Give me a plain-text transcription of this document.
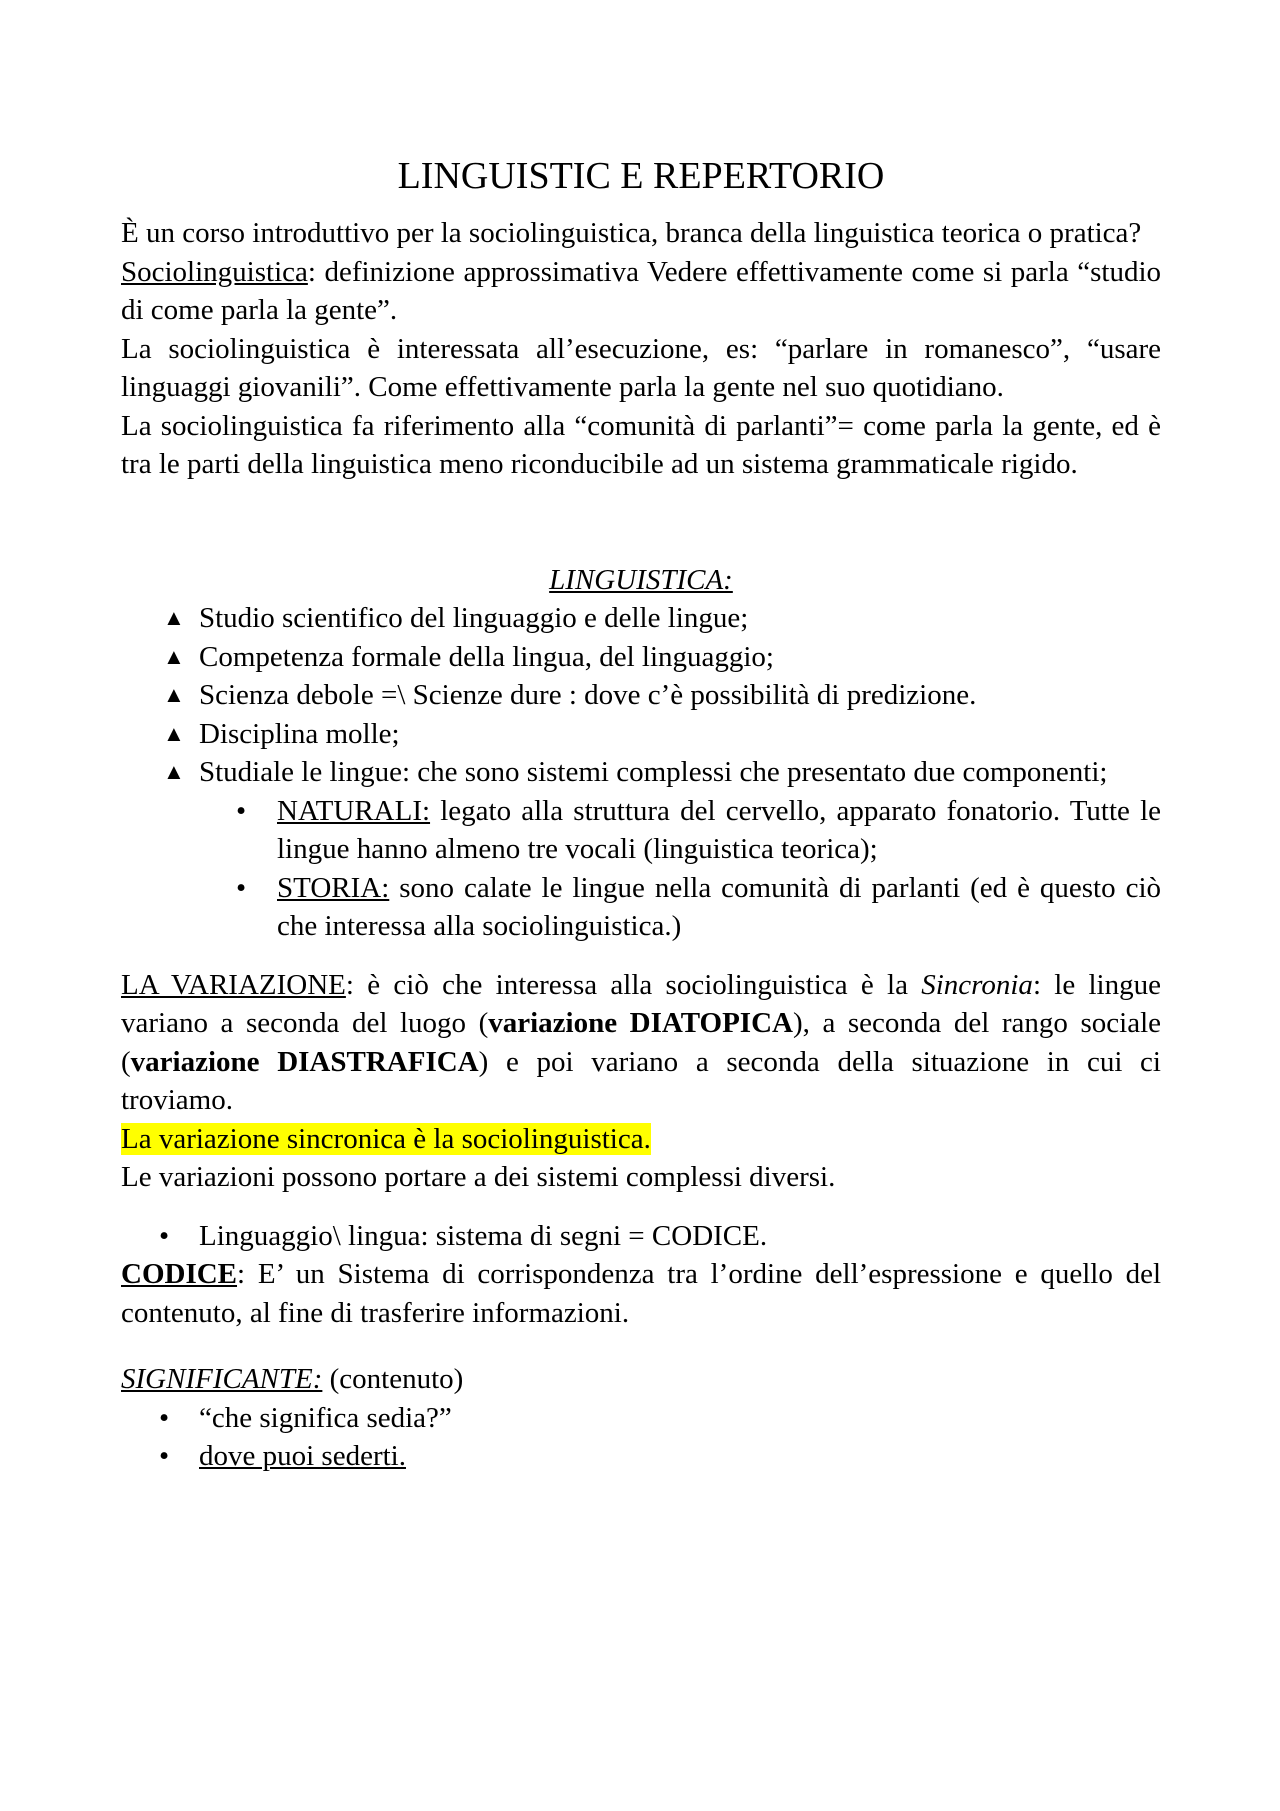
LINGUISTIC E REPERTORIO

È un corso introduttivo per la sociolinguistica, branca della linguistica teorica o pratica?

Sociolinguistica: definizione approssimativa Vedere effettivamente come si parla “studio di come parla la gente”.

La sociolinguistica è interessata all’esecuzione, es: “parlare in romanesco”, “usare linguaggi giovanili”. Come effettivamente parla la gente nel suo quotidiano.

La sociolinguistica fa riferimento alla “comunità di parlanti”= come parla la gente, ed è tra le parti della linguistica meno riconducibile ad un sistema grammaticale rigido.

LINGUISTICA:

▲ Studio scientifico del linguaggio e delle lingue;
▲ Competenza formale della lingua, del linguaggio;
▲ Scienza debole =\ Scienze dure : dove c’è possibilità di predizione.
▲ Disciplina molle;
▲ Studiale le lingue: che sono sistemi complessi che presentato due componenti;
• NATURALI: legato alla struttura del cervello, apparato fonatorio. Tutte le lingue hanno almeno tre vocali (linguistica teorica);
• STORIA: sono calate le lingue nella comunità di parlanti (ed è questo ciò che interessa alla sociolinguistica.)

LA VARIAZIONE: è ciò che interessa alla sociolinguistica è la Sincronia: le lingue variano a seconda del luogo (variazione DIATOPICA), a seconda del rango sociale (variazione DIASTRAFICA) e poi variano a seconda della situazione in cui ci troviamo.

La variazione sincronica è la sociolinguistica.

Le variazioni possono portare a dei sistemi complessi diversi.

• Linguaggio\ lingua: sistema di segni = CODICE.

CODICE: E’ un Sistema di corrispondenza tra l’ordine dell’espressione e quello del contenuto, al fine di trasferire informazioni.

SIGNIFICANTE: (contenuto)

• “che significa sedia?”
• dove puoi sederti.
